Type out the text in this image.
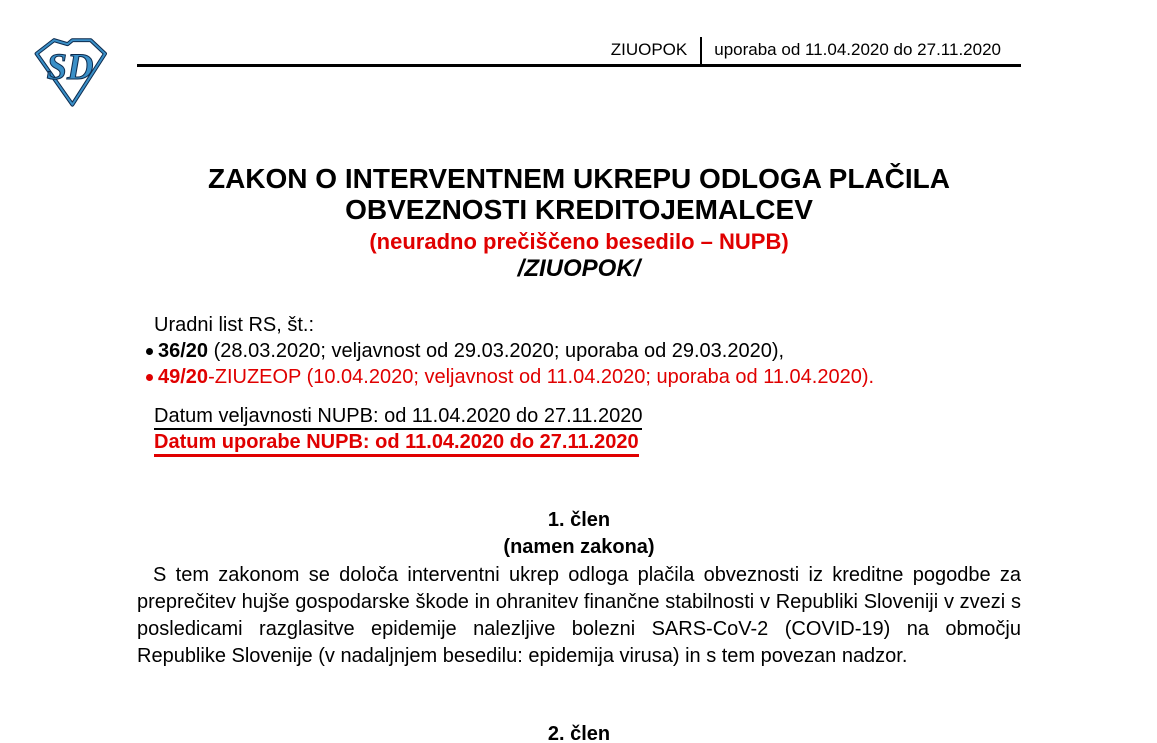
SD	ZIUOPOK uporaba od 11.04.2020 do 27.11.2020
ZAKON O INTERVENTNEM UKREPU ODLOGA PLAČILA
OBVEZNOSTI KREDITOJEMALCEV
(neuradno prečiščeno besedilo – NUPB)
/ZIUOPOK/
Uradni list RS, št.:
36/20 (28.03.2020; veljavnost od 29.03.2020; uporaba od 29.03.2020),
49/20-ZIUZEOP (10.04.2020; veljavnost od 11.04.2020; uporaba od 11.04.2020).
Datum veljavnosti NUPB: od 11.04.2020 do 27.11.2020
Datum uporabe NUPB: od 11.04.2020 do 27.11.2020
1. člen
(namen zakona)

S tem zakonom se določa interventni ukrep odloga plačila obveznosti iz kreditne pogodbe za preprečitev hujše gospodarske škode in ohranitev finančne stabilnosti v Republiki Sloveniji v zvezi s posledicami razglasitve epidemije nalezljive bolezni SARS-CoV-2 (COVID-19) na območju Republike Slovenije (v nadaljnjem besedilu: epidemija virusa) in s tem povezan nadzor.

2. člen
